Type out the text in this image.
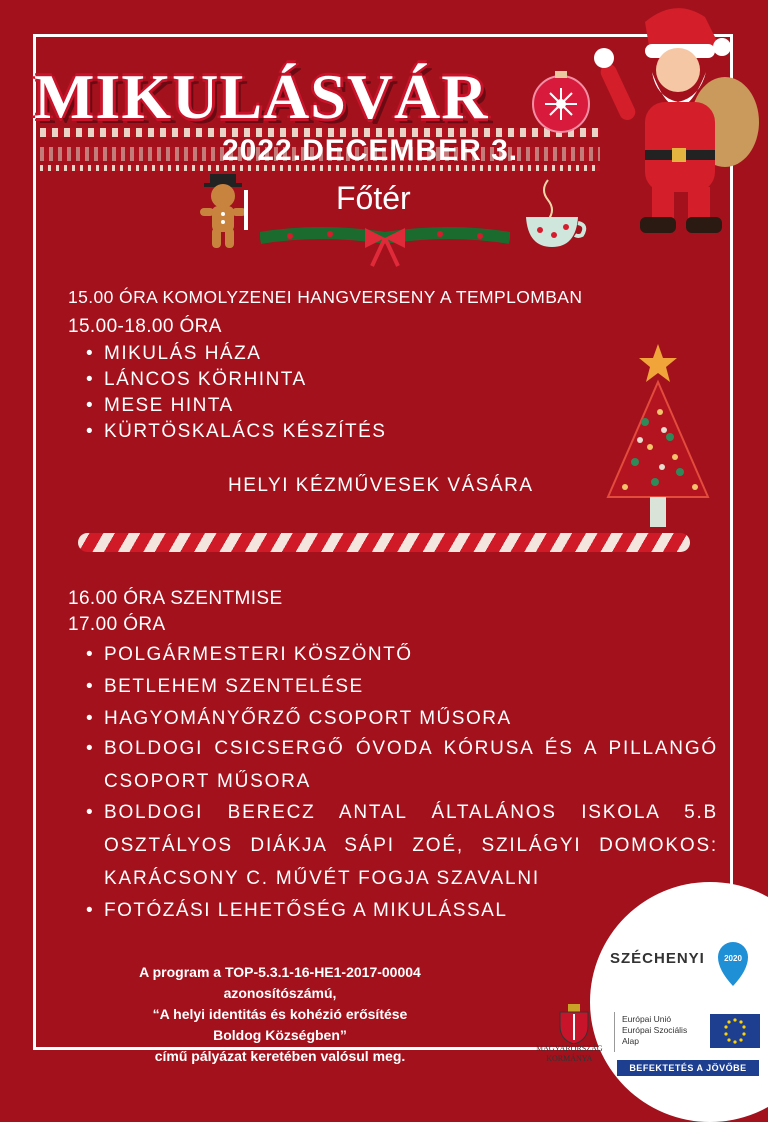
MIKULÁSVÁR
2022.DECEMBER 3.
Főtér
15.00 ÓRA KOMOLYZENEI HANGVERSENY A TEMPLOMBAN
15.00-18.00 ÓRA
• MIKULÁS HÁZA
• LÁNCOS KÖRHINTA
• MESE HINTA
• KÜRTÖSKALÁCS KÉSZÍTÉS
HELYI KÉZMŰVESEK VÁSÁRA
16.00 ÓRA SZENTMISE
17.00 ÓRA
• POLGÁRMESTERI KÖSZÖNTŐ
• BETLEHEM SZENTELÉSE
• HAGYOMÁNYŐRZŐ CSOPORT MŰSORA
• BOLDOGI CSICSERGŐ ÓVODA KÓRUSA ÉS A PILLANGÓ
CSOPORT MŰSORA
• BOLDOGI BERECZ ANTAL ÁLTALÁNOS ISKOLA 5.B
OSZTÁLYOS DIÁKJA SÁPI ZOÉ, SZILÁGYI DOMOKOS:
KARÁCSONY C. MŰVÉT FOGJA SZAVALNI
• FOTÓZÁSI LEHETŐSÉG A MIKULÁSSAL
A program a TOP-5.3.1-16-HE1-2017-00004
azonosítószámú,
“A helyi identitás és kohézió erősítése
Boldog Községben”
című pályázat keretében valósul meg.
SZÉCHENYI 2020
MAGYARORSZÁG
KORMÁNYA
Európai Unió
Európai Szociális
Alap
BEFEKTETÉS A JÖVŐBE
